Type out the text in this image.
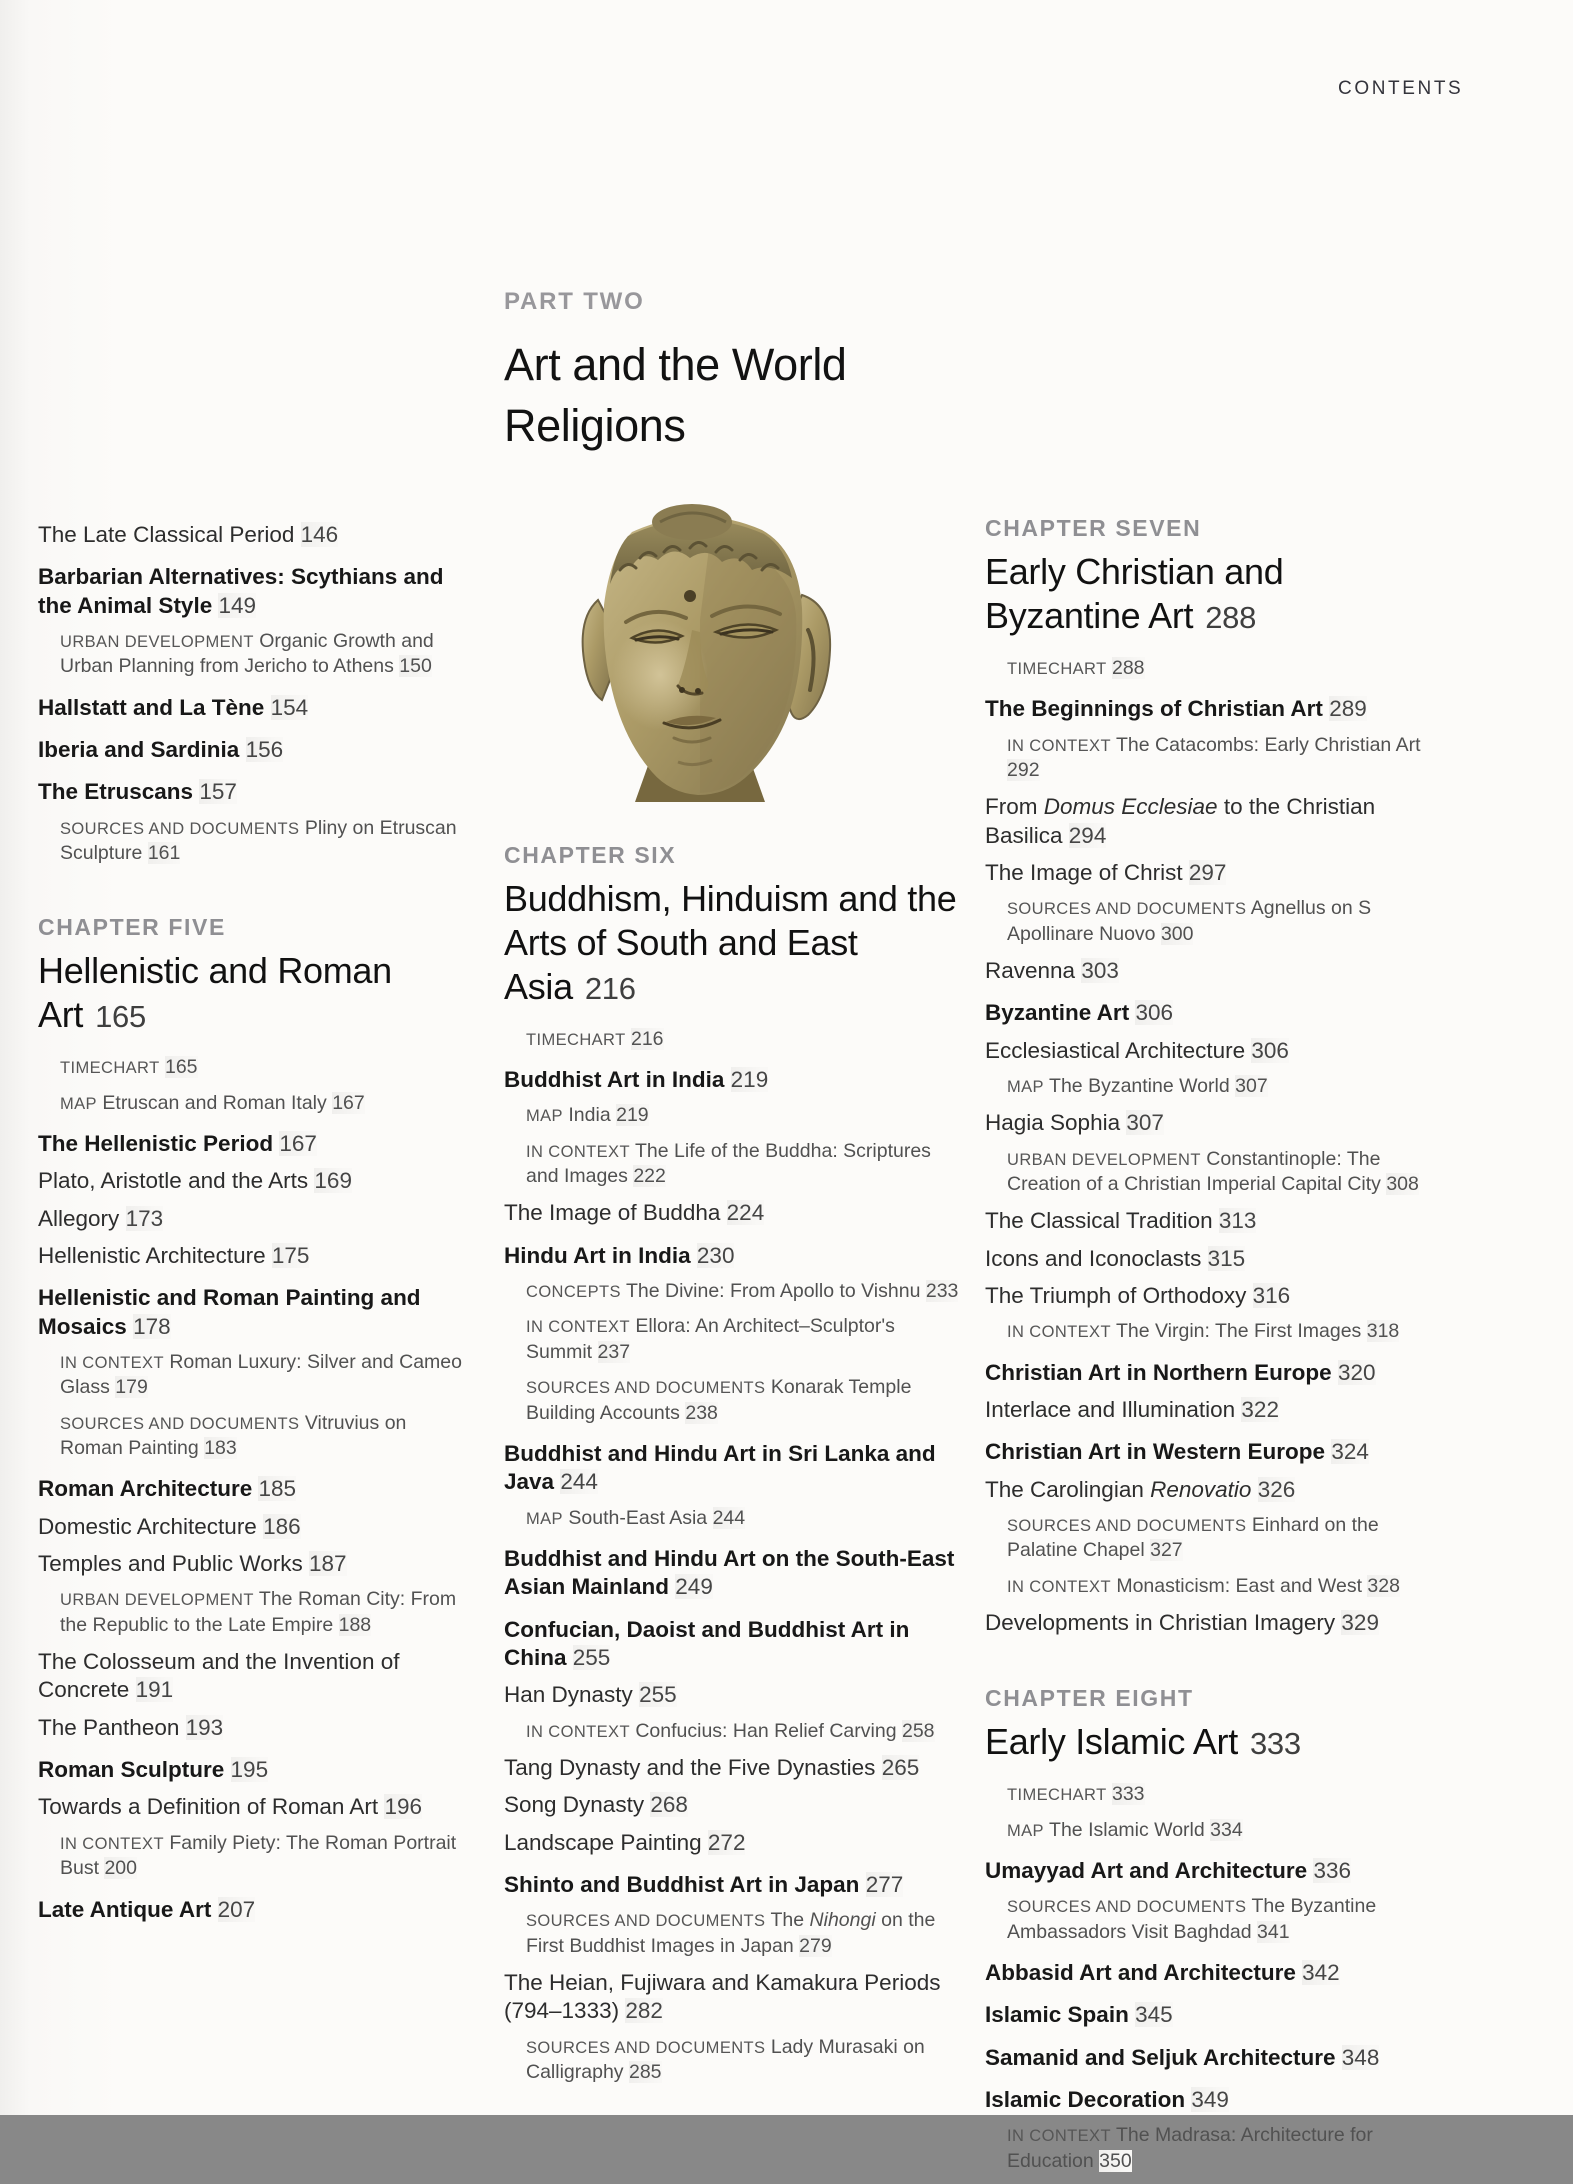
CONTENTS
PART TWO
Art and the World
Religions
The Late Classical Period 146
Barbarian Alternatives: Scythians and the Animal Style 149
URBAN DEVELOPMENT Organic Growth and Urban Planning from Jericho to Athens 150
Hallstatt and La Tène 154
Iberia and Sardinia 156
The Etruscans 157
SOURCES AND DOCUMENTS Pliny on Etruscan Sculpture 161
CHAPTER FIVE
Hellenistic and Roman Art 165
TIMECHART 165
MAP Etruscan and Roman Italy 167
The Hellenistic Period 167
Plato, Aristotle and the Arts 169
Allegory 173
Hellenistic Architecture 175
Hellenistic and Roman Painting and Mosaics 178
IN CONTEXT Roman Luxury: Silver and Cameo Glass 179
SOURCES AND DOCUMENTS Vitruvius on Roman Painting 183
Roman Architecture 185
Domestic Architecture 186
Temples and Public Works 187
URBAN DEVELOPMENT The Roman City: From the Republic to the Late Empire 188
The Colosseum and the Invention of Concrete 191
The Pantheon 193
Roman Sculpture 195
Towards a Definition of Roman Art 196
IN CONTEXT Family Piety: The Roman Portrait Bust 200
Late Antique Art 207
CHAPTER SIX
Buddhism, Hinduism and the Arts of South and East Asia 216
TIMECHART 216
Buddhist Art in India 219
MAP India 219
IN CONTEXT The Life of the Buddha: Scriptures and Images 222
The Image of Buddha 224
Hindu Art in India 230
CONCEPTS The Divine: From Apollo to Vishnu 233
IN CONTEXT Ellora: An Architect–Sculptor's Summit 237
SOURCES AND DOCUMENTS Konarak Temple Building Accounts 238
Buddhist and Hindu Art in Sri Lanka and Java 244
MAP South-East Asia 244
Buddhist and Hindu Art on the South-East Asian Mainland 249
Confucian, Daoist and Buddhist Art in China 255
Han Dynasty 255
IN CONTEXT Confucius: Han Relief Carving 258
Tang Dynasty and the Five Dynasties 265
Song Dynasty 268
Landscape Painting 272
Shinto and Buddhist Art in Japan 277
SOURCES AND DOCUMENTS The Nihongi on the First Buddhist Images in Japan 279
The Heian, Fujiwara and Kamakura Periods (794–1333) 282
SOURCES AND DOCUMENTS Lady Murasaki on Calligraphy 285
CHAPTER SEVEN
Early Christian and Byzantine Art 288
TIMECHART 288
The Beginnings of Christian Art 289
IN CONTEXT The Catacombs: Early Christian Art 292
From Domus Ecclesiae to the Christian Basilica 294
The Image of Christ 297
SOURCES AND DOCUMENTS Agnellus on S Apollinare Nuovo 300
Ravenna 303
Byzantine Art 306
Ecclesiastical Architecture 306
MAP The Byzantine World 307
Hagia Sophia 307
URBAN DEVELOPMENT Constantinople: The Creation of a Christian Imperial Capital City 308
The Classical Tradition 313
Icons and Iconoclasts 315
The Triumph of Orthodoxy 316
IN CONTEXT The Virgin: The First Images 318
Christian Art in Northern Europe 320
Interlace and Illumination 322
Christian Art in Western Europe 324
The Carolingian Renovatio 326
SOURCES AND DOCUMENTS Einhard on the Palatine Chapel 327
IN CONTEXT Monasticism: East and West 328
Developments in Christian Imagery 329
CHAPTER EIGHT
Early Islamic Art 333
TIMECHART 333
MAP The Islamic World 334
Umayyad Art and Architecture 336
SOURCES AND DOCUMENTS The Byzantine Ambassadors Visit Baghdad 341
Abbasid Art and Architecture 342
Islamic Spain 345
Samanid and Seljuk Architecture 348
Islamic Decoration 349
IN CONTEXT The Madrasa: Architecture for Education 350
